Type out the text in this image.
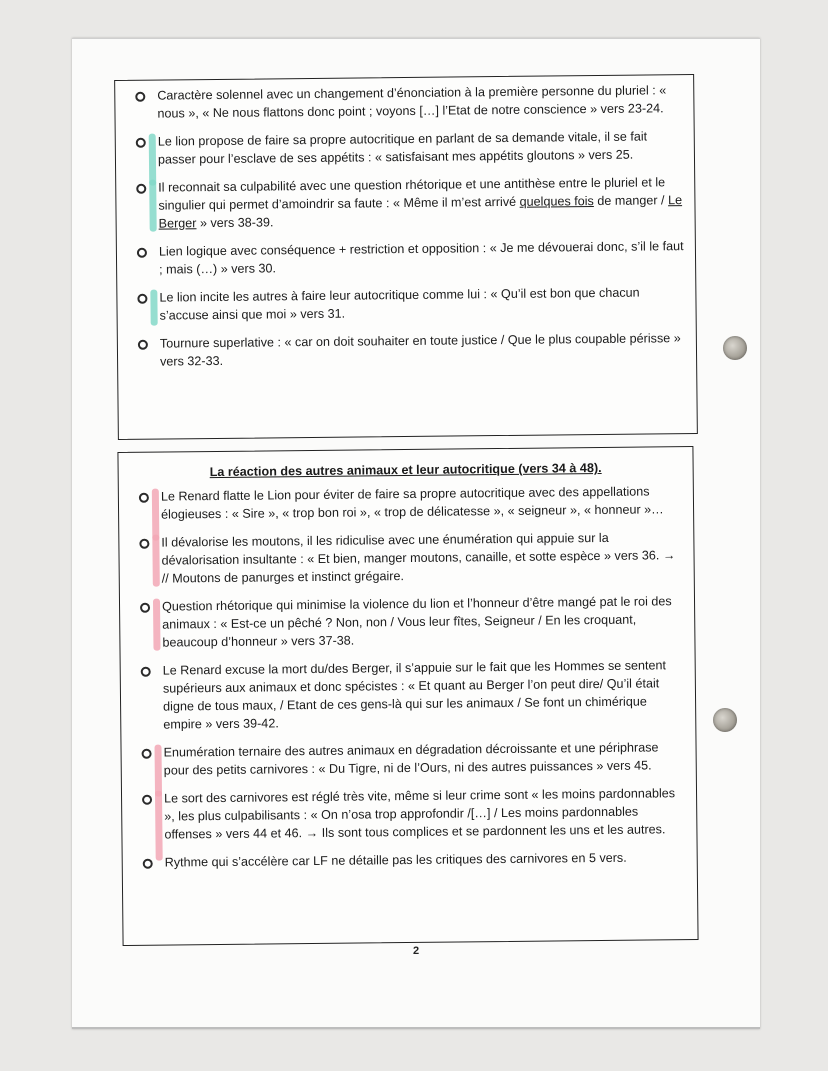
Caractère solennel avec un changement d’énonciation à la première personne du pluriel : « nous », « Ne nous flattons donc point ; voyons […] l’Etat de notre conscience » vers 23-24.
Le lion propose de faire sa propre autocritique en parlant de sa demande vitale, il se fait passer pour l’esclave de ses appétits : « satisfaisant mes appétits gloutons » vers 25.
Il reconnait sa culpabilité avec une question rhétorique et une antithèse entre le pluriel et le singulier qui permet d’amoindrir sa faute : « Même il m’est arrivé quelques fois de manger / Le Berger » vers 38-39.
Lien logique avec conséquence + restriction et opposition : « Je me dévouerai donc, s’il le faut ; mais (…) » vers 30.
Le lion incite les autres à faire leur autocritique comme lui : « Qu’il est bon que chacun s’accuse ainsi que moi » vers 31.
Tournure superlative : « car on doit souhaiter en toute justice / Que le plus coupable périsse » vers 32-33.
La réaction des autres animaux et leur autocritique (vers 34 à 48).
Le Renard flatte le Lion pour éviter de faire sa propre autocritique avec des appellations élogieuses : « Sire », « trop bon roi », « trop de délicatesse », « seigneur », « honneur »…
Il dévalorise les moutons, il les ridiculise avec une énumération qui appuie sur la dévalorisation insultante : « Et bien, manger moutons, canaille, et sotte espèce » vers 36. → // Moutons de panurges et instinct grégaire.
Question rhétorique qui minimise la violence du lion et l’honneur d’être mangé pat le roi des animaux : « Est-ce un pêché ? Non, non / Vous leur fîtes, Seigneur / En les croquant, beaucoup d’honneur » vers 37-38.
Le Renard excuse la mort du/des Berger, il s’appuie sur le fait que les Hommes se sentent supérieurs aux animaux et donc spécistes : « Et quant au Berger l’on peut dire/ Qu’il était digne de tous maux, / Etant de ces gens-là qui sur les animaux / Se font un chimérique empire » vers 39-42.
Enumération ternaire des autres animaux en dégradation décroissante et une périphrase pour des petits carnivores : « Du Tigre, ni de l’Ours, ni des autres puissances » vers 45.
Le sort des carnivores est réglé très vite, même si leur crime sont « les moins pardonnables », les plus culpabilisants : « On n’osa trop approfondir /[…] / Les moins pardonnables offenses » vers 44 et 46. → Ils sont tous complices et se pardonnent les uns et les autres.
Rythme qui s’accélère car LF ne détaille pas les critiques des carnivores en 5 vers.
2
